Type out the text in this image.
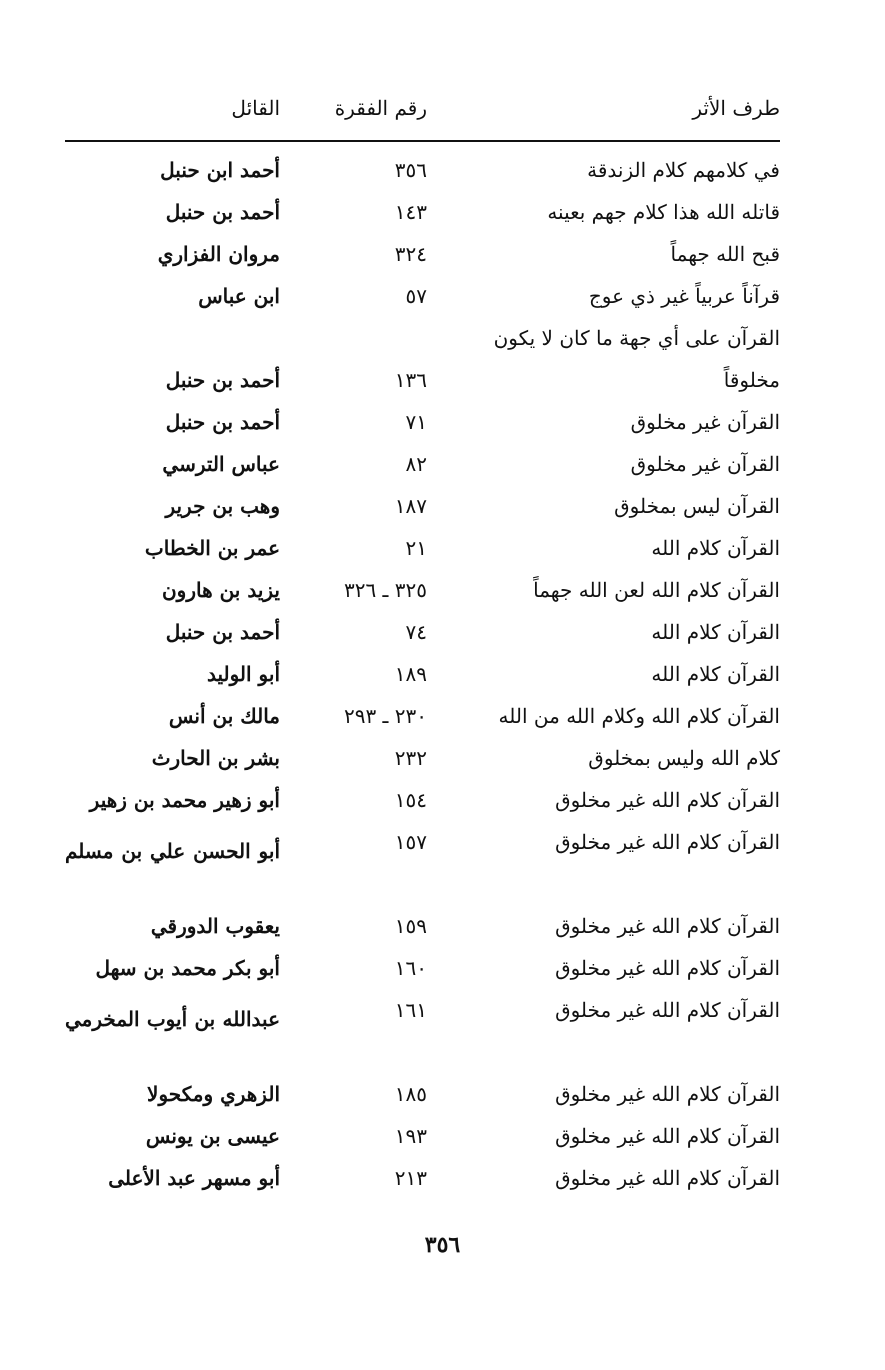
طرف الأثر
رقم الفقرة
القائل
في كلامهم كلام الزندقة
٣٥٦
أحمد ابن حنبل
قاتله الله هذا كلام جهم بعينه
١٤٣
أحمد بن حنبل
قبح الله جهماً
٣٢٤
مروان الفزاري
قرآناً عربياً غير ذي عوج
٥٧
ابن عباس
القرآن على أي جهة ما كان لا يكون
مخلوقاً
١٣٦
أحمد بن حنبل
القرآن غير مخلوق
٧١
أحمد بن حنبل
القرآن غير مخلوق
٨٢
عباس الترسي
القرآن ليس بمخلوق
١٨٧
وهب بن جرير
القرآن كلام الله
٢١
عمر بن الخطاب
القرآن كلام الله لعن الله جهماً
٣٢٥ ـ ٣٢٦
يزيد بن هارون
القرآن كلام الله
٧٤
أحمد بن حنبل
القرآن كلام الله
١٨٩
أبو الوليد
القرآن كلام الله وكلام الله من الله
٢٣٠ ـ ٢٩٣
مالك بن أنس
كلام الله وليس بمخلوق
٢٣٢
بشر بن الحارث
القرآن كلام الله غير مخلوق
١٥٤
أبو زهير محمد بن زهير
القرآن كلام الله غير مخلوق
١٥٧
أبو الحسن علي بن مسلم
القرآن كلام الله غير مخلوق
١٥٩
يعقوب الدورقي
القرآن كلام الله غير مخلوق
١٦٠
أبو بكر محمد بن سهل
القرآن كلام الله غير مخلوق
١٦١
عبدالله بن أيوب المخرمي
القرآن كلام الله غير مخلوق
١٨٥
الزهري ومكحولا
القرآن كلام الله غير مخلوق
١٩٣
عيسى بن يونس
القرآن كلام الله غير مخلوق
٢١٣
أبو مسهر عبد الأعلى
٣٥٦
